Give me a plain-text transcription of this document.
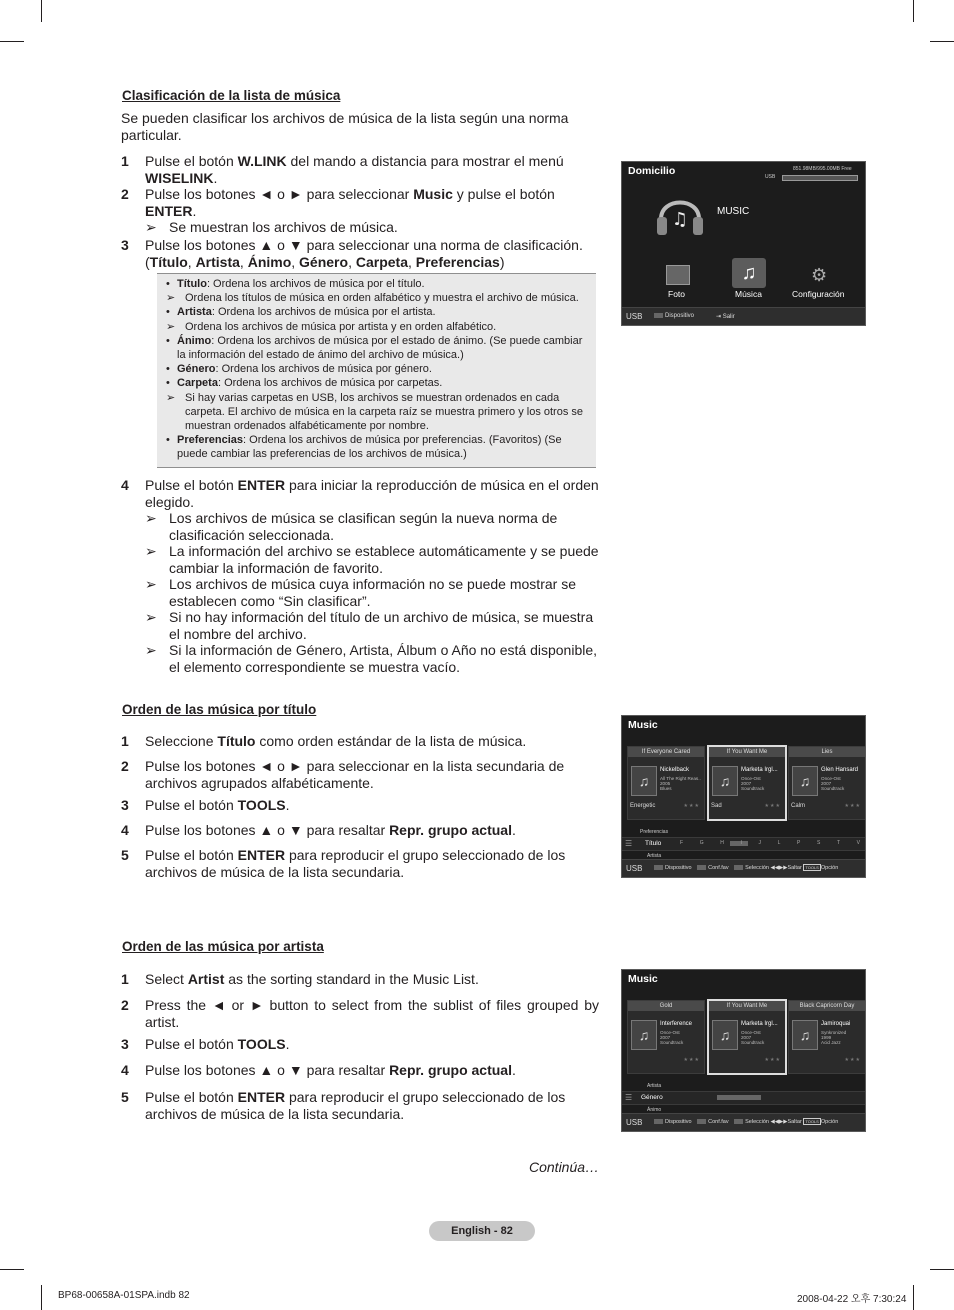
Clasificación de la lista de música
Se pueden clasificar los archivos de música de la lista según una norma particular.
1 Pulse el botón W.LINK del mando a distancia para mostrar el menú WISELINK.
2 Pulse los botones ◄ o ► para seleccionar Music y pulse el botón ENTER.
➢ Se muestran los archivos de música.
3 Pulse los botones ▲ o ▼ para seleccionar una norma de clasificación. (Título, Artista, Ánimo, Género, Carpeta, Preferencias)
• Título: Ordena los archivos de música por el título.
➢ Ordena los títulos de música en orden alfabético y muestra el archivo de música.
• Artista: Ordena los archivos de música por el artista.
➢ Ordena los archivos de música por artista y en orden alfabético.
• Ánimo: Ordena los archivos de música por el estado de ánimo. (Se puede cambiar la información del estado de ánimo del archivo de música.)
• Género: Ordena los archivos de música por género.
• Carpeta: Ordena los archivos de música por carpetas.
➢ Si hay varias carpetas en USB, los archivos se muestran ordenados en cada carpeta. El archivo de música en la carpeta raíz se muestra primero y los otros se muestran ordenados alfabéticamente por nombre.
• Preferencias: Ordena los archivos de música por preferencias. (Favoritos) (Se puede cambiar las preferencias de los archivos de música.)
4 Pulse el botón ENTER para iniciar la reproducción de música en el orden elegido.
➢ Los archivos de música se clasifican según la nueva norma de clasificación seleccionada.
➢ La información del archivo se establece automáticamente y se puede cambiar la información de favorito.
➢ Los archivos de música cuya información no se puede mostrar se establecen como “Sin clasificar”.
➢ Si no hay información del título de un archivo de música, se muestra el nombre del archivo.
➢ Si la información de Género, Artista, Álbum o Año no está disponible, el elemento correspondiente se muestra vacío.
Domicilio	USB
851.98MB/995.00MB Free
♫	MUSIC
♫	⚙
Foto	Música	Configuración
USB	Dispositivo	⇥ Salir
Orden de las música por título
1 Seleccione Título como orden estándar de la lista de música.
2 Pulse los botones ◄ o ► para seleccionar en la lista secundaria de archivos agrupados alfabéticamente.
3 Pulse el botón TOOLS.
4 Pulse los botones ▲ o ▼ para resaltar Repr. grupo actual.
5 Pulse el botón ENTER para reproducir el grupo seleccionado de los archivos de música de la lista secundaria.
Music
If Everyone Cared
♫
Nickelback
All The Right Reas..
2005
Blues
Energetic	★★★
If You Want Me
♫
Marketa Irgl...
Once-Ost
2007
Soundtrack
Sad	★★★
Lies
♫
Glen Hansard
Once-Ost
2007
Soundtrack
Calm	★★★
Preferencias
☰ Título	F	G	H	I	J	L	P	S	T	V
Artista
USB	Dispositivo	Conf.fav	Selección ◀◀▶▶Saltar TOOLS Opción
Orden de las música por artista
1 Select Artist as the sorting standard in the Music List.
2 Press the ◄ or ► button to select from the sublist of files grouped by artist.
3 Pulse el botón TOOLS.
4 Pulse los botones ▲ o ▼ para resaltar Repr. grupo actual.
5 Pulse el botón ENTER para reproducir el grupo seleccionado de los archivos de música de la lista secundaria.
Music
Gold
♫
Interference
Once-Ost
2007
Soundtrack
★★★
If You Want Me
♫
Marketa Irgl...
Once-Ost
2007
Soundtrack
★★★
Black Capricorn Day
♫
Jamiroquai
Synkronized
1999
Acid Jazz
★★★
Artista
☰ Género
Ánimo
USB	Dispositivo	Conf.fav	Selección ◀◀▶▶Saltar TOOLS Opción
Continúa…
English - 82
BP68-00658A-01SPA.indb 82	2008-04-22 오후 7:30:24
